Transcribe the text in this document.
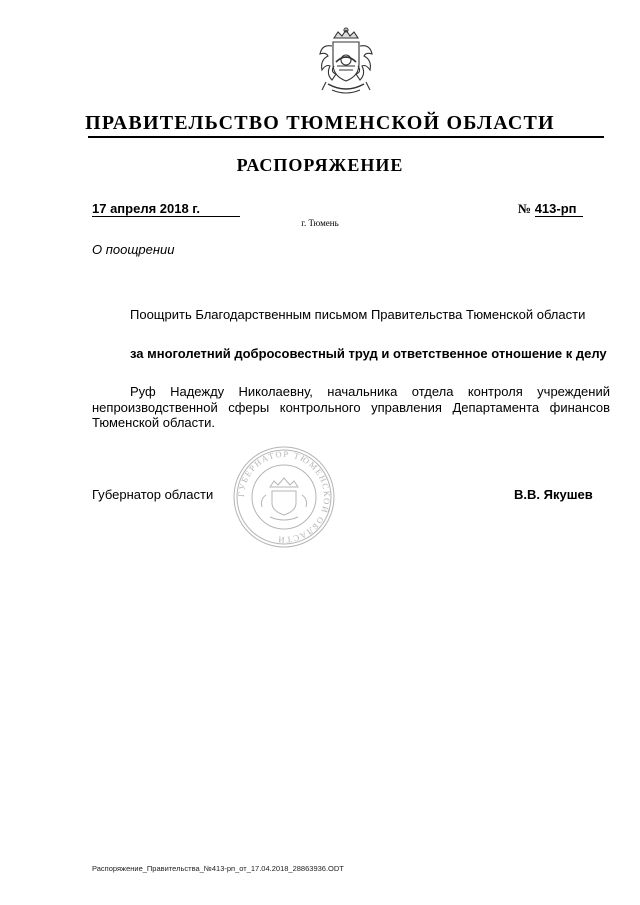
ПРАВИТЕЛЬСТВО ТЮМЕНСКОЙ ОБЛАСТИ
РАСПОРЯЖЕНИЕ
17 апреля 2018 г.	№ 413-рп
г. Тюмень
О поощрении
Поощрить Благодарственным письмом Правительства Тюменской области
за многолетний добросовестный труд и ответственное отношение к делу
Руф Надежду Николаевну, начальника отдела контроля учреждений непроизводственной сферы контрольного управления Департамента финансов Тюменской области.
ГУБЕРНАТОР ТЮМЕНСКОЙ ОБЛАСТИ
Губернатор области	В.В. Якушев
Распоряжение_Правительства_№413-рп_от_17.04.2018_28863936.ODT
